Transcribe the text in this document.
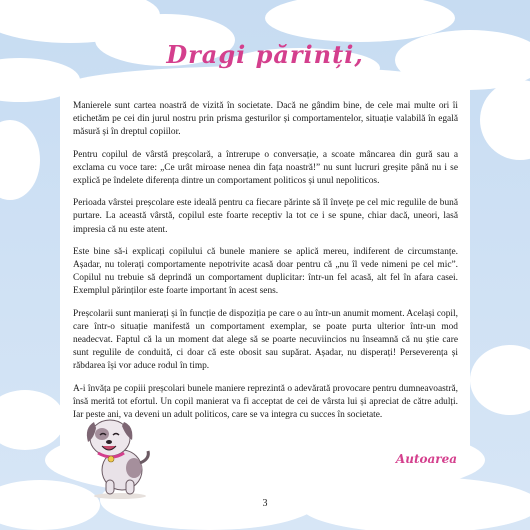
Dragi părinți,

Manierele sunt cartea noastră de vizită în societate. Dacă ne gândim bine, de cele mai multe ori îi etichetăm pe cei din jurul nostru prin prisma gesturilor și comportamentelor, situație valabilă în egală măsură și în dreptul copiilor.

Pentru copilul de vârstă preșcolară, a întrerupe o conversație, a scoate mâncarea din gură sau a exclama cu voce tare: „Ce urât miroase nenea din fața noastră!” nu sunt lucruri greșite până nu i se explică pe îndelete diferența dintre un comportament politicos și unul nepoliticos.

Perioada vârstei preșcolare este ideală pentru ca fiecare părinte să îl învețe pe cel mic regulile de bună purtare. La această vârstă, copilul este foarte receptiv la tot ce i se spune, chiar dacă, uneori, lasă impresia că nu este atent.

Este bine să-i explicați copilului că bunele maniere se aplică mereu, indiferent de circumstanțe. Așadar, nu tolerați comportamente nepotrivite acasă doar pentru că „nu îl vede nimeni pe cel mic”. Copilul nu trebuie să deprindă un comportament duplicitar: într-un fel acasă, alt fel în afara casei. Exemplul părinților este foarte important în acest sens.

Preșcolarii sunt manierați și în funcție de dispoziția pe care o au într-un anumit moment. Același copil, care într-o situație manifestă un comportament exemplar, se poate purta ulterior într-un mod neadecvat. Faptul că la un moment dat alege să se poarte necuviincios nu înseamnă că nu știe care sunt regulile de conduită, ci doar că este obosit sau supărat. Așadar, nu disperați! Perseverența și răbdarea își vor aduce rodul în timp.

A-i învăța pe copiii preșcolari bunele maniere reprezintă o adevărată provocare pentru dumneavoastră, însă merită tot efortul. Un copil manierat va fi acceptat de cei de vârsta lui și apreciat de către adulți. Iar peste ani, va deveni un adult politicos, care se va integra cu succes în societate.

Autoarea
3
